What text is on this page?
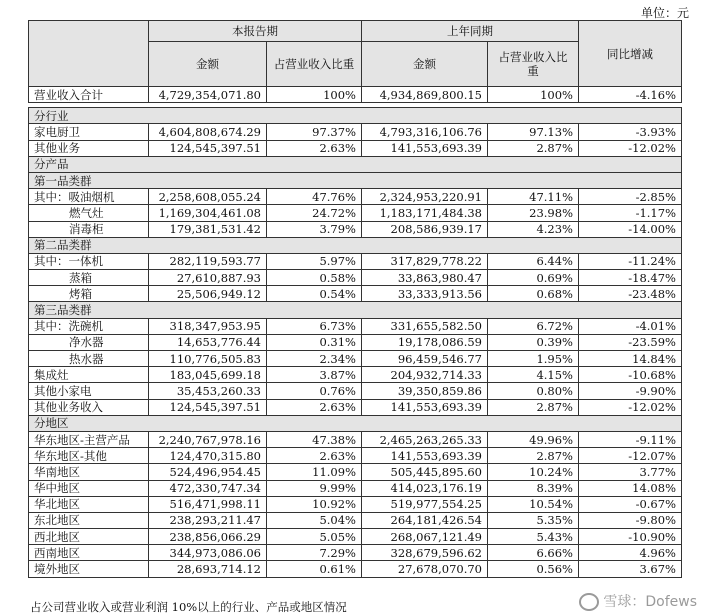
单位：元
	本报告期		上年同期		同比增减
	金额	占营业收入比重	金额	占营业收入比
重	
营业收入合计	4,729,354,071.80	100%	4,934,869,800.15	100%	-4.16%

分行业					
家电厨卫	4,604,808,674.29	97.37%	4,793,316,106.76	97.13%	-3.93%
其他业务	124,545,397.51	2.63%	141,553,693.39	2.87%	-12.02%
分产品					
第一品类群					
其中：吸油烟机	2,258,608,055.24	47.76%	2,324,953,220.91	47.11%	-2.85%
燃气灶	1,169,304,461.08	24.72%	1,183,171,484.38	23.98%	-1.17%
消毒柜	179,381,531.42	3.79%	208,586,939.17	4.23%	-14.00%
第二品类群					
其中：一体机	282,119,593.77	5.97%	317,829,778.22	6.44%	-11.24%
蒸箱	27,610,887.93	0.58%	33,863,980.47	0.69%	-18.47%
烤箱	25,506,949.12	0.54%	33,333,913.56	0.68%	-23.48%
第三品类群					
其中：洗碗机	318,347,953.95	6.73%	331,655,582.50	6.72%	-4.01%
净水器	14,653,776.44	0.31%	19,178,086.59	0.39%	-23.59%
热水器	110,776,505.83	2.34%	96,459,546.77	1.95%	14.84%
集成灶	183,045,699.18	3.87%	204,932,714.33	4.15%	-10.68%
其他小家电	35,453,260.33	0.76%	39,350,859.86	0.80%	-9.90%
其他业务收入	124,545,397.51	2.63%	141,553,693.39	2.87%	-12.02%
分地区					
华东地区-主营产品	2,240,767,978.16	47.38%	2,465,263,265.33	49.96%	-9.11%
华东地区-其他	124,470,315.80	2.63%	141,553,693.39	2.87%	-12.07%
华南地区	524,496,954.45	11.09%	505,445,895.60	10.24%	3.77%
华中地区	472,330,747.34	9.99%	414,023,176.19	8.39%	14.08%
华北地区	516,471,998.11	10.92%	519,977,554.25	10.54%	-0.67%
东北地区	238,293,211.47	5.04%	264,181,426.54	5.35%	-9.80%
西北地区	238,856,066.29	5.05%	268,067,121.49	5.43%	-10.90%
西南地区	344,973,086.06	7.29%	328,679,596.62	6.66%	4.96%
境外地区	28,693,714.12	0.61%	27,678,070.70	0.56%	3.67%
占公司营业收入或营业利润 10%以上的行业、产品或地区情况	雪球：Dofews
